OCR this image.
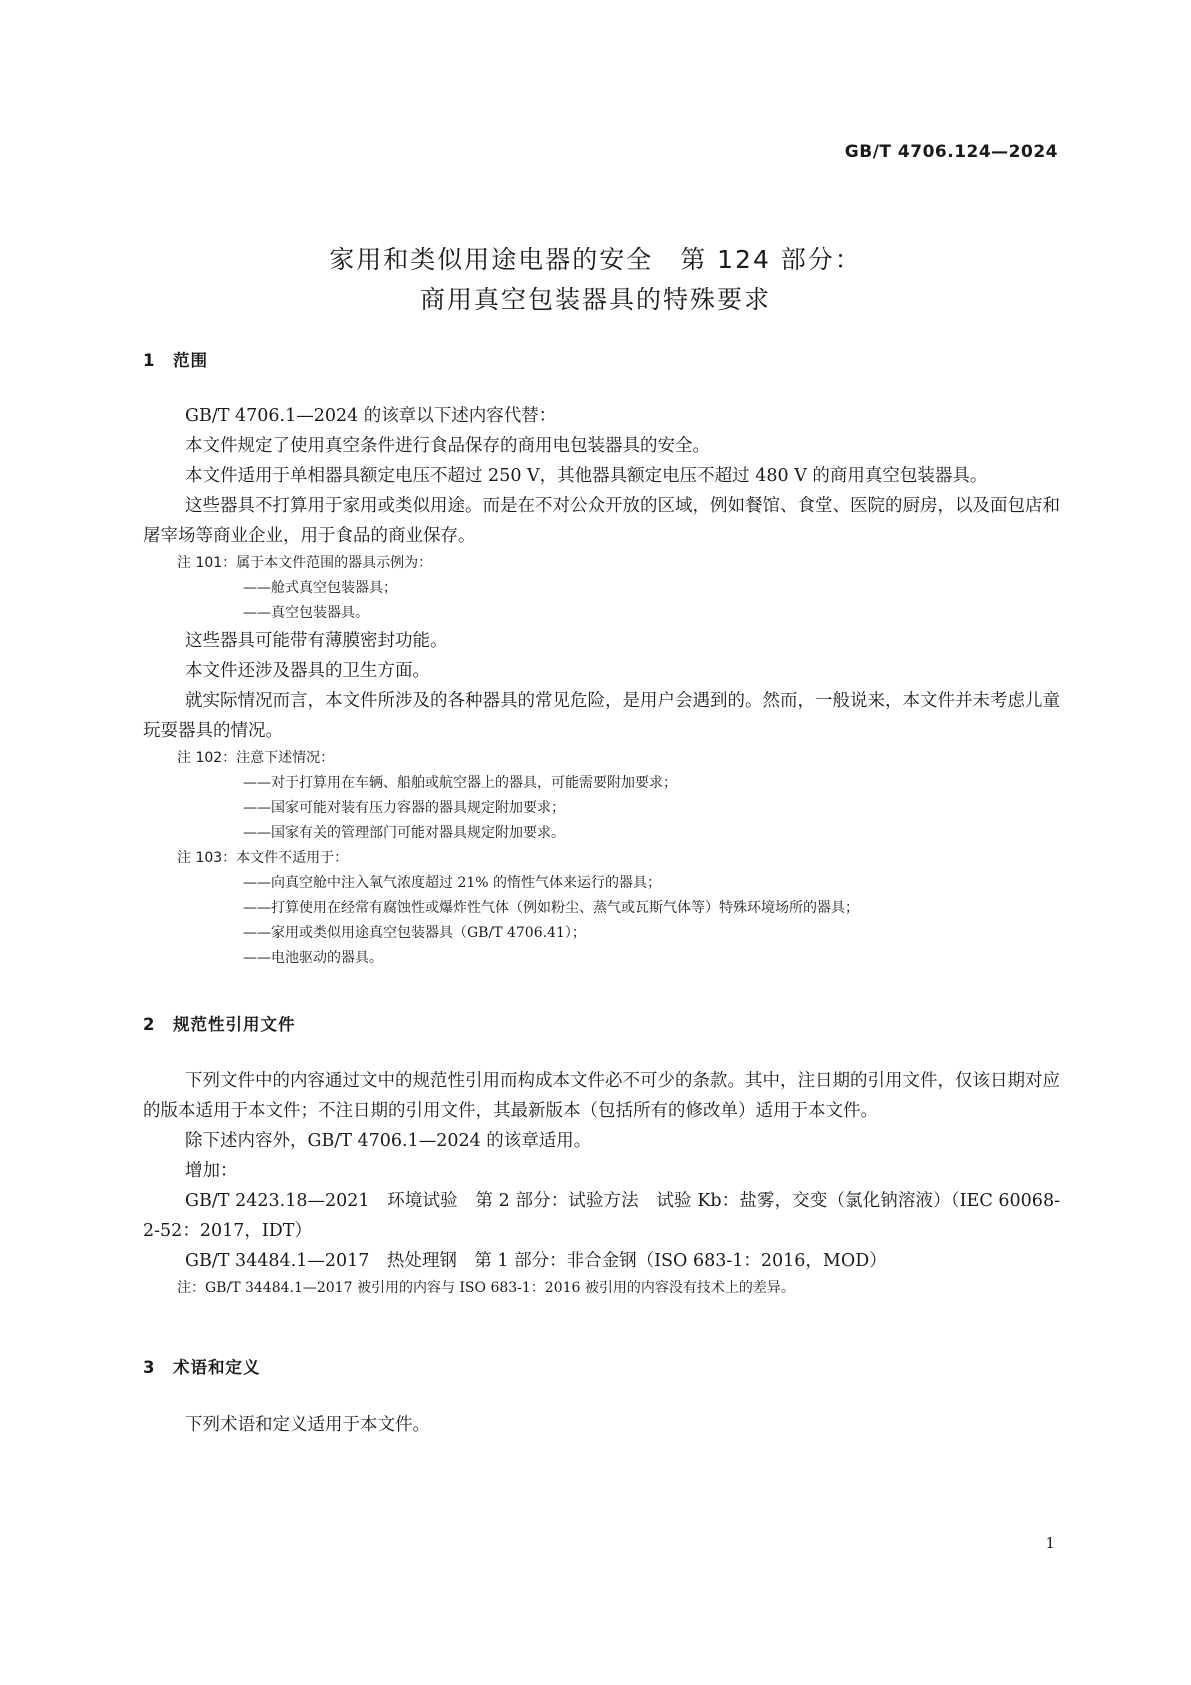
GB/T 4706.124—2024
家用和类似用途电器的安全　第 124 部分：
商用真空包装器具的特殊要求
1 范围

GB/T 4706.1—2024 的该章以下述内容代替：

本文件规定了使用真空条件进行食品保存的商用电包装器具的安全。

本文件适用于单相器具额定电压不超过 250 V，其他器具额定电压不超过 480 V 的商用真空包装器具。

这些器具不打算用于家用或类似用途。而是在不对公众开放的区域，例如餐馆、食堂、医院的厨房，以及面包店和屠宰场等商业企业，用于食品的商业保存。

注 101：属于本文件范围的器具示例为：

——舱式真空包装器具；

——真空包装器具。

这些器具可能带有薄膜密封功能。

本文件还涉及器具的卫生方面。

就实际情况而言，本文件所涉及的各种器具的常见危险，是用户会遇到的。然而，一般说来，本文件并未考虑儿童玩耍器具的情况。

注 102：注意下述情况：

——对于打算用在车辆、船舶或航空器上的器具，可能需要附加要求；

——国家可能对装有压力容器的器具规定附加要求；

——国家有关的管理部门可能对器具规定附加要求。

注 103：本文件不适用于：

——向真空舱中注入氧气浓度超过 21% 的惰性气体来运行的器具；

——打算使用在经常有腐蚀性或爆炸性气体（例如粉尘、蒸气或瓦斯气体等）特殊环境场所的器具；

——家用或类似用途真空包装器具（GB/T 4706.41）；

——电池驱动的器具。

2 规范性引用文件

下列文件中的内容通过文中的规范性引用而构成本文件必不可少的条款。其中，注日期的引用文件，仅该日期对应的版本适用于本文件；不注日期的引用文件，其最新版本（包括所有的修改单）适用于本文件。

除下述内容外，GB/T 4706.1—2024 的该章适用。

增加：

GB/T 2423.18—2021　环境试验　第 2 部分：试验方法　试验 Kb：盐雾，交变（氯化钠溶液）（IEC 60068-2-52：2017，IDT）

GB/T 34484.1—2017　热处理钢　第 1 部分：非合金钢（ISO 683-1：2016，MOD）

注：GB/T 34484.1—2017 被引用的内容与 ISO 683-1：2016 被引用的内容没有技术上的差异。

3 术语和定义

下列术语和定义适用于本文件。

1
